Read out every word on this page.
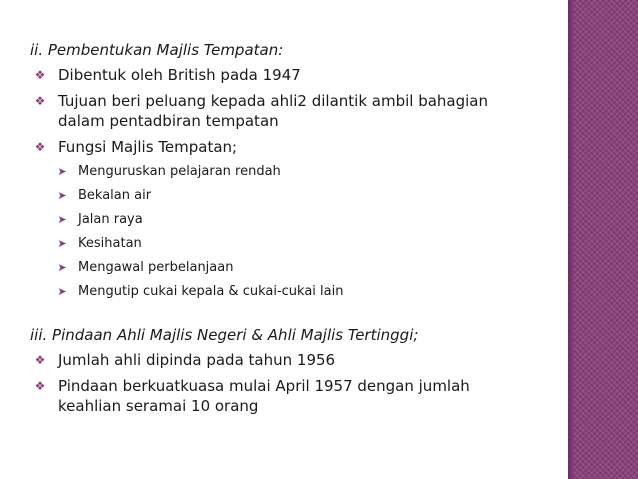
ii. Pembentukan Majlis Tempatan:
❖ Dibentuk oleh British pada 1947
❖ Tujuan beri peluang kepada ahli2 dilantik ambil bahagian dalam pentadbiran tempatan
❖ Fungsi Majlis Tempatan;
➤ Menguruskan pelajaran rendah
➤ Bekalan air
➤ Jalan raya
➤ Kesihatan
➤ Mengawal perbelanjaan
➤ Mengutip cukai kepala & cukai-cukai lain
iii. Pindaan Ahli Majlis Negeri & Ahli Majlis Tertinggi;
❖ Jumlah ahli dipinda pada tahun 1956
❖ Pindaan berkuatkuasa mulai April 1957 dengan jumlah keahlian seramai 10 orang
